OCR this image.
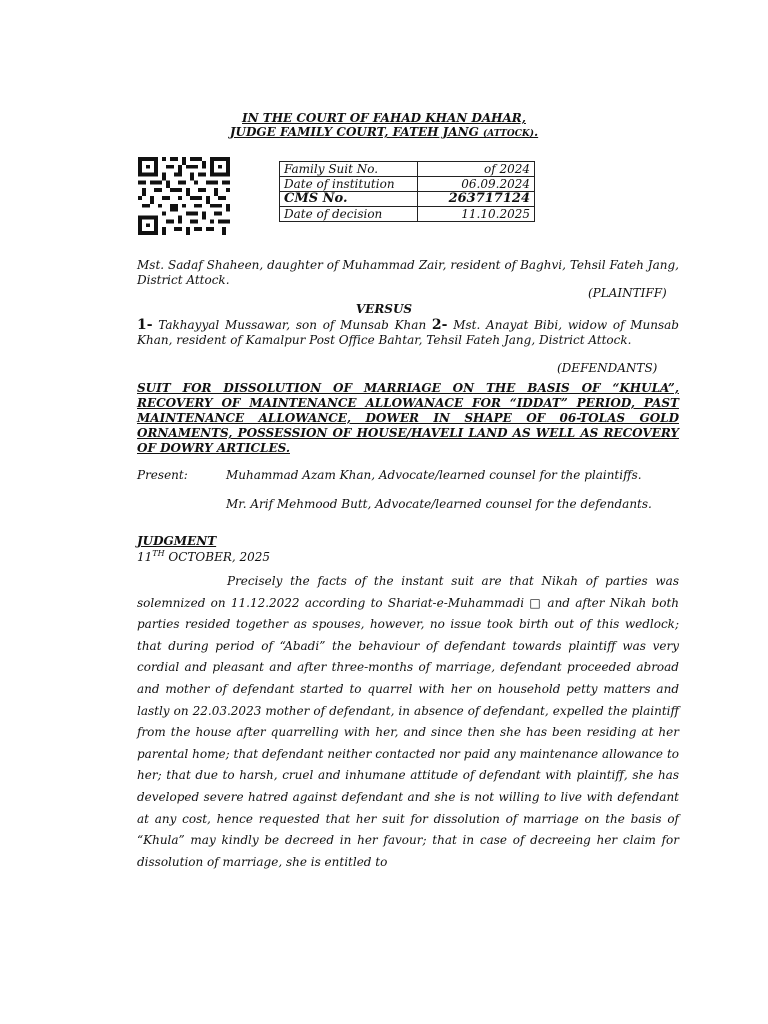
IN THE COURT OF FAHAD KHAN DAHAR,
JUDGE FAMILY COURT, FATEH JANG (ATTOCK).
Family Suit No.	of 2024
Date of institution	06.09.2024
CMS No.	263717124
Date of decision	11.10.2025
Mst. Sadaf Shaheen, daughter of Muhammad Zair, resident of Baghvi, Tehsil Fateh Jang, District Attock.
(PLAINTIFF)
VERSUS
1- Takhayyal Mussawar, son of Munsab Khan 2- Mst. Anayat Bibi, widow of Munsab Khan, resident of Kamalpur Post Office Bahtar, Tehsil Fateh Jang, District Attock.
(DEFENDANTS)
SUIT FOR DISSOLUTION OF MARRIAGE ON THE BASIS OF “KHULA”, RECOVERY OF MAINTENANCE ALLOWANACE FOR “IDDAT” PERIOD, PAST MAINTENANCE ALLOWANCE, DOWER IN SHAPE OF 06-TOLAS GOLD ORNAMENTS, POSSESSION OF HOUSE/HAVELI LAND AS WELL AS RECOVERY OF DOWRY ARTICLES.
Present:	Muhammad Azam Khan, Advocate/learned counsel for the plaintiffs.
Mr. Arif Mehmood Butt, Advocate/learned counsel for the defendants.
JUDGMENT
11TH OCTOBER, 2025
Precisely the facts of the instant suit are that Nikah of parties was solemnized on 11.12.2022 according to Shariat-e-Muhammadi □ and after Nikah both parties resided together as spouses, however, no issue took birth out of this wedlock; that during period of “Abadi” the behaviour of defendant towards plaintiff was very cordial and pleasant and after three-months of marriage, defendant proceeded abroad and mother of defendant started to quarrel with her on household petty matters and lastly on 22.03.2023 mother of defendant, in absence of defendant, expelled the plaintiff from the house after quarrelling with her, and since then she has been residing at her parental home; that defendant neither contacted nor paid any maintenance allowance to her; that due to harsh, cruel and inhumane attitude of defendant with plaintiff, she has developed severe hatred against defendant and she is not willing to live with defendant at any cost, hence requested that her suit for dissolution of marriage on the basis of “Khula” may kindly be decreed in her favour; that in case of decreeing her claim for dissolution of marriage, she is entitled to
